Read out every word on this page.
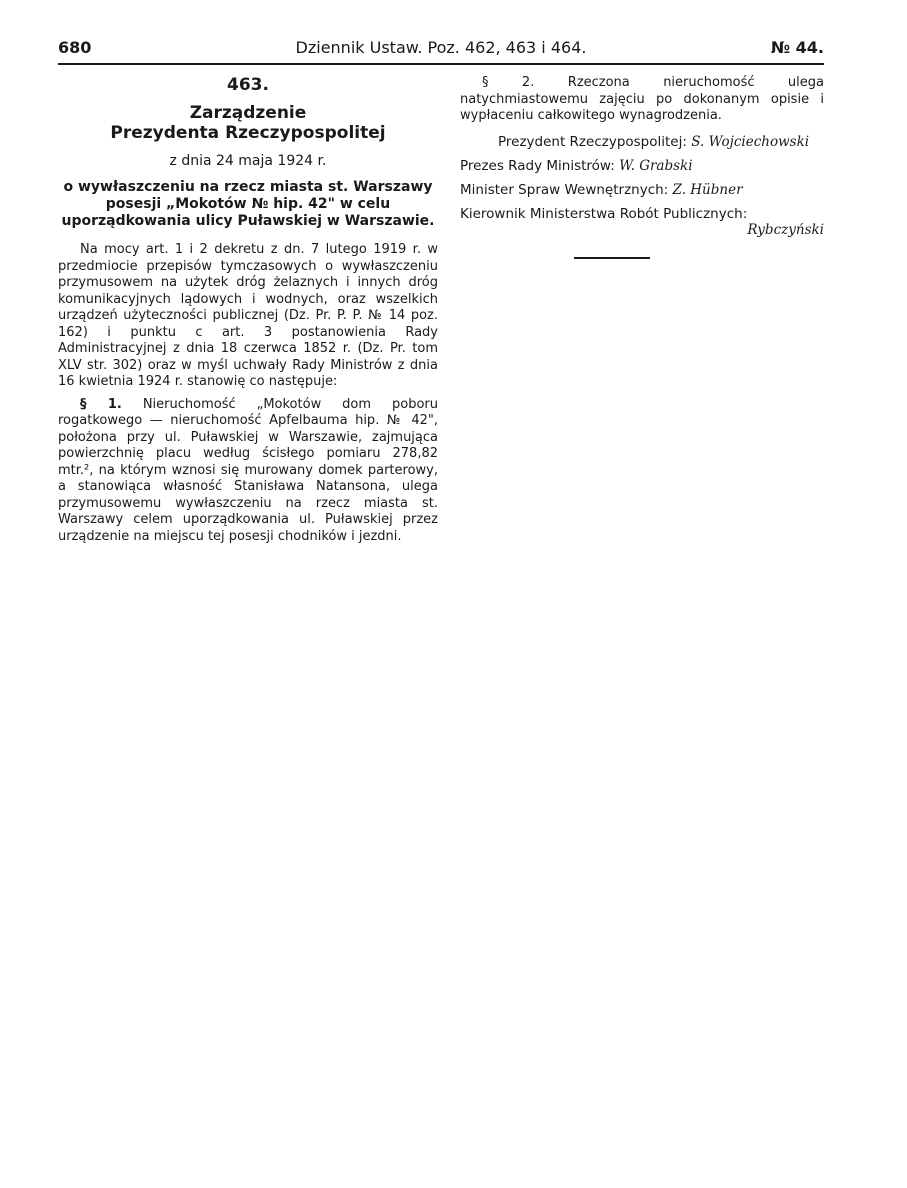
Dziennik Ustaw. Poz. 462, 463 i 464.
680	№ 44.
463.
Zarządzenie
Prezydenta Rzeczypospolitej
z dnia 24 maja 1924 r.
o wywłaszczeniu na rzecz miasta st. Warszawy posesji „Mokotów № hip. 42" w celu uporządkowania ulicy Puławskiej w Warszawie.

Na mocy art. 1 i 2 dekretu z dn. 7 lutego 1919 r. w przedmiocie przepisów tymczasowych o wywłaszczeniu przymusowem na użytek dróg żelaznych i innych dróg komunikacyjnych lądowych i wodnych, oraz wszelkich urządzeń użyteczności publicznej (Dz. Pr. P. P. № 14 poz. 162) i punktu c art. 3 postanowienia Rady Administracyjnej z dnia 18 czerwca 1852 r. (Dz. Pr. tom XLV str. 302) oraz w myśl uchwały Rady Ministrów z dnia 16 kwietnia 1924 r. stanowię co następuje:

§ 1. Nieruchomość „Mokotów dom poboru rogatkowego — nieruchomość Apfelbauma hip. № 42", położona przy ul. Puławskiej w Warszawie, zajmująca powierzchnię placu według ścisłego pomiaru 278,82 mtr.², na którym wznosi się murowany domek parterowy, a stanowiąca własność Stanisława Natansona, ulega przymusowemu wywłaszczeniu na rzecz miasta st. Warszawy celem uporządkowania ul. Puławskiej przez urządzenie na miejscu tej posesji chodników i jezdni.

§ 2.	Rzeczona nieruchomość ulega natychmiastowemu zajęciu po dokonanym opisie i wypłaceniu całkowitego wynagrodzenia.

Prezydent Rzeczypospolitej: S. Wojciechowski
Prezes Rady Ministrów: W. Grabski
Minister Spraw Wewnętrznych: Z. Hübner
Kierownik Ministerstwa Robót Publicznych:
Rybczyński
